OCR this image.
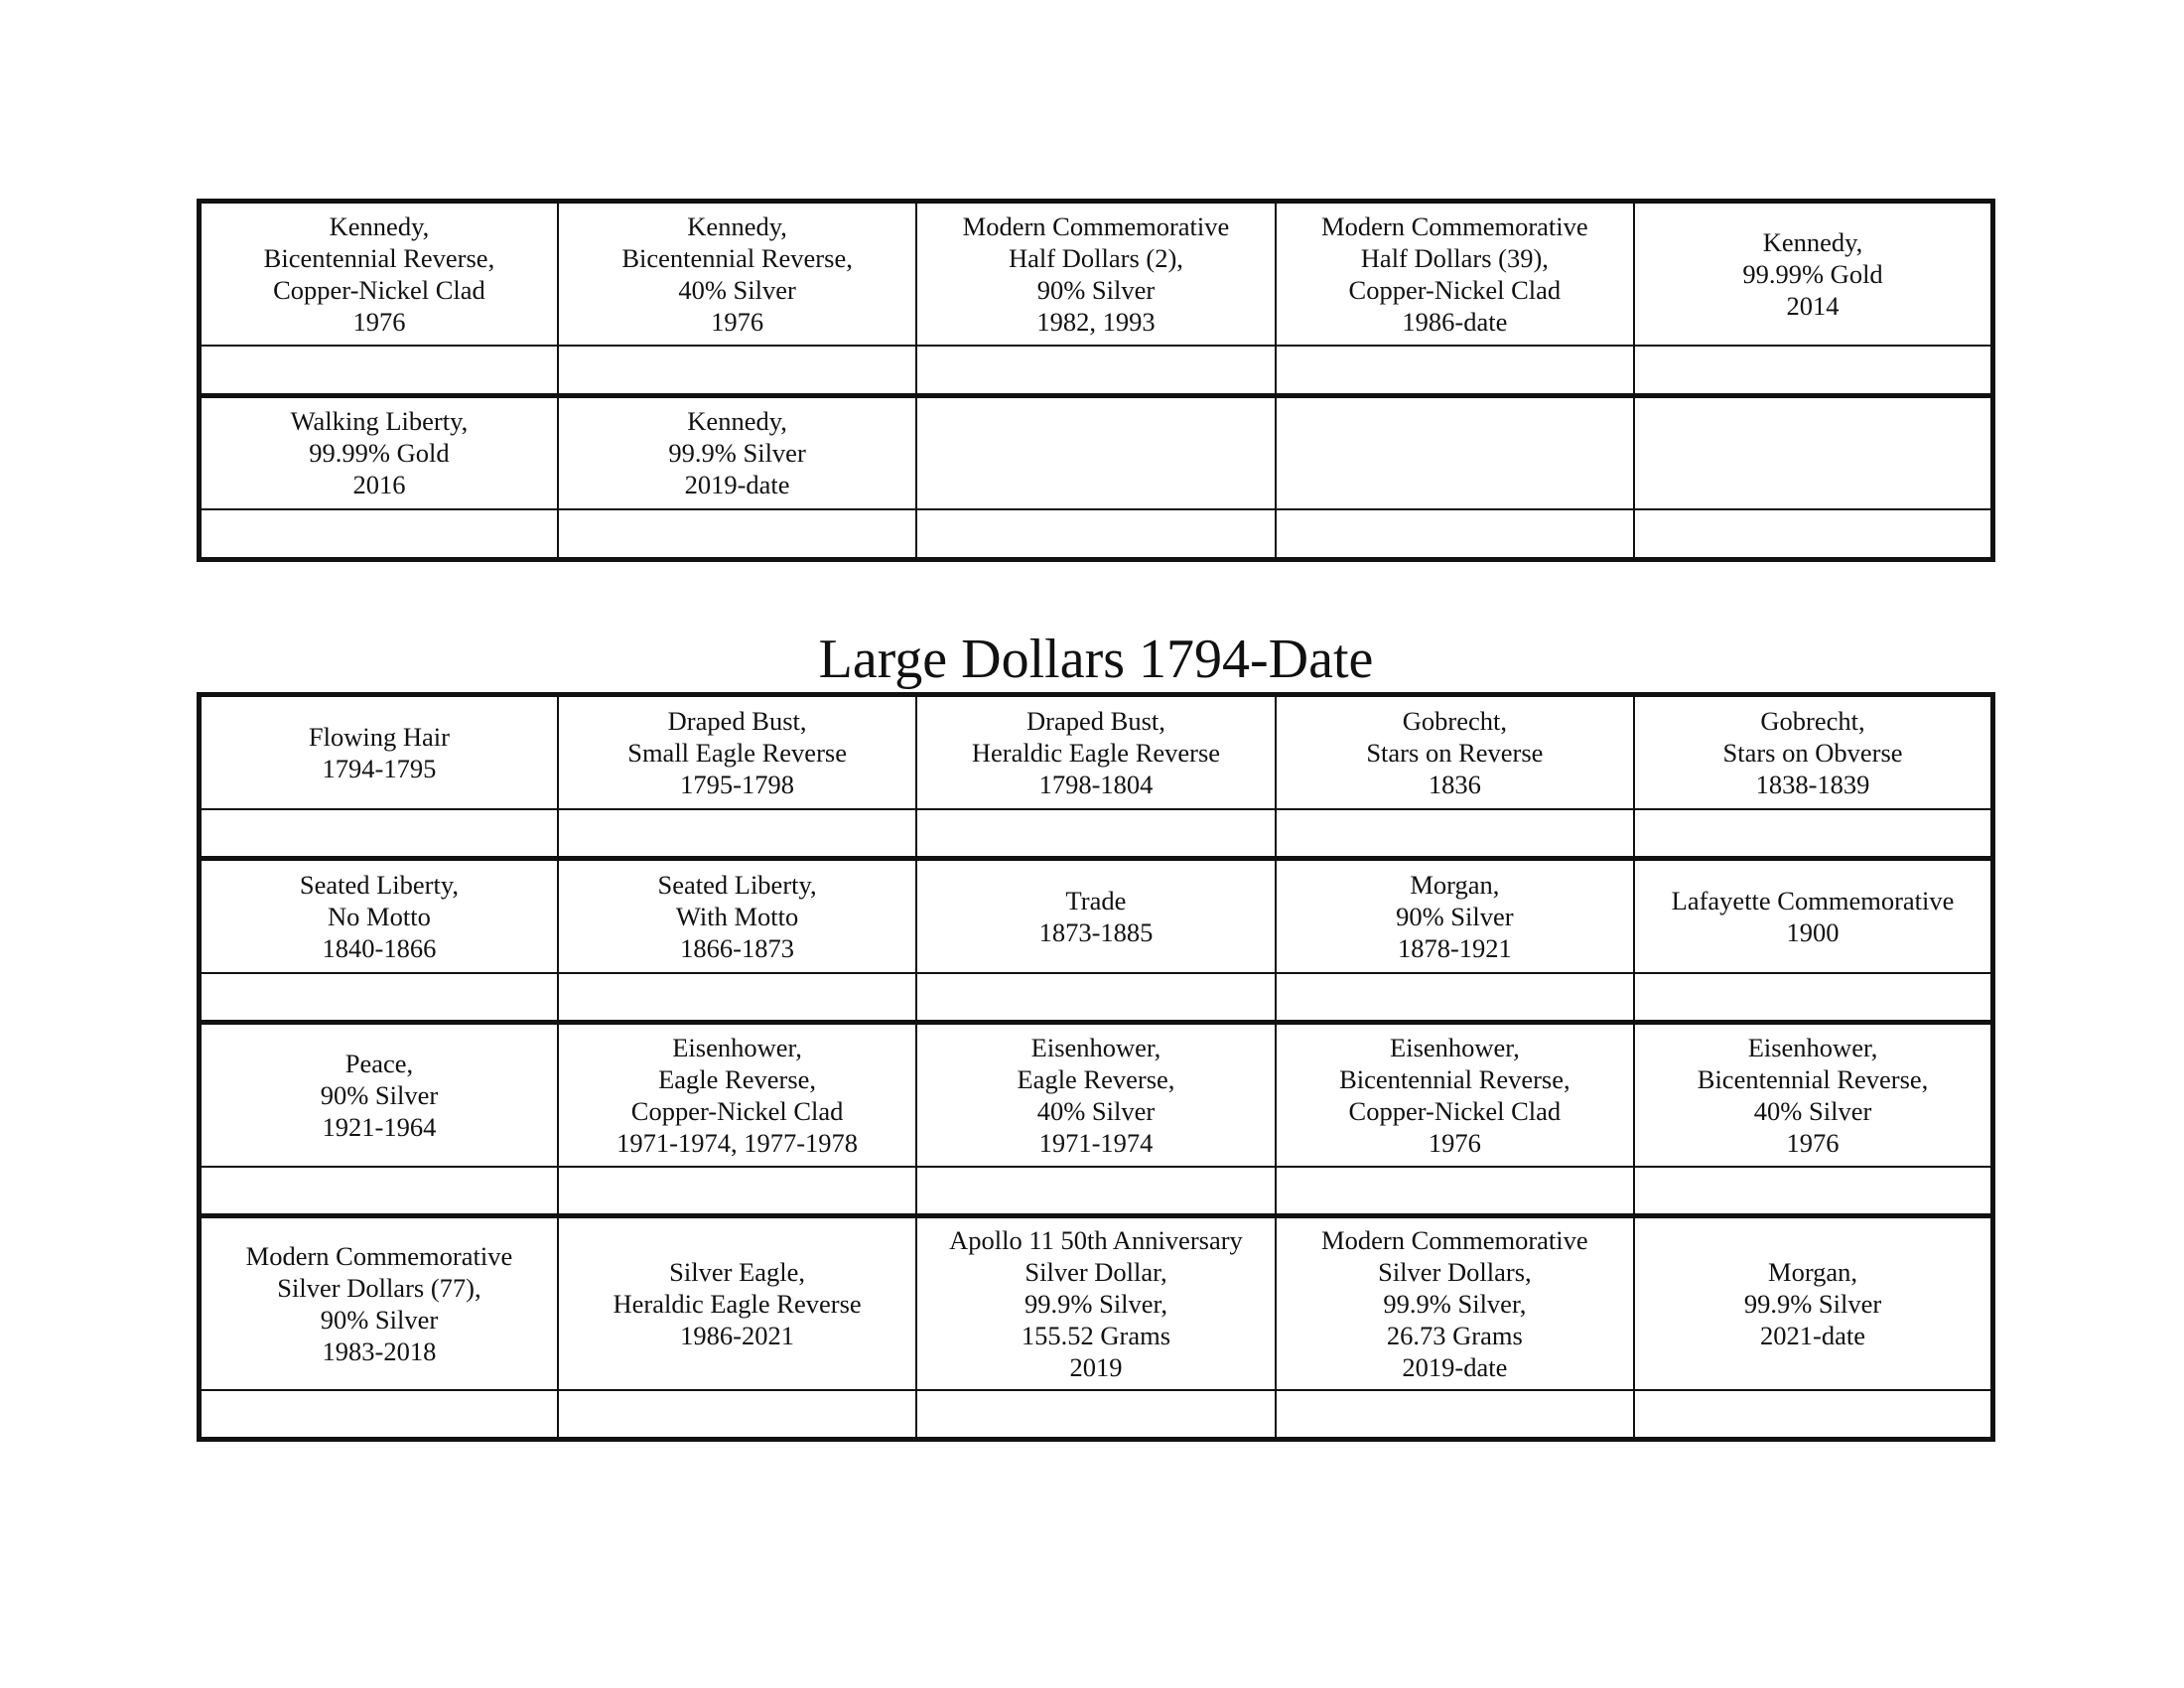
Kennedy,
Bicentennial Reverse,
Copper-Nickel Clad
1976	Kennedy,
Bicentennial Reverse,
40% Silver
1976	Modern Commemorative
Half Dollars (2),
90% Silver
1982, 1993	Modern Commemorative
Half Dollars (39),
Copper-Nickel Clad
1986-date	Kennedy,
99.99% Gold
2014

Walking Liberty,
99.99% Gold
2016	Kennedy,
99.9% Silver
2019-date			

Large Dollars 1794-Date
Flowing Hair
1794-1795	Draped Bust,
Small Eagle Reverse
1795-1798	Draped Bust,
Heraldic Eagle Reverse
1798-1804	Gobrecht,
Stars on Reverse
1836	Gobrecht,
Stars on Obverse
1838-1839

Seated Liberty,
No Motto
1840-1866	Seated Liberty,
With Motto
1866-1873	Trade
1873-1885	Morgan,
90% Silver
1878-1921	Lafayette Commemorative
1900

Peace,
90% Silver
1921-1964	Eisenhower,
Eagle Reverse,
Copper-Nickel Clad
1971-1974, 1977-1978	Eisenhower,
Eagle Reverse,
40% Silver
1971-1974	Eisenhower,
Bicentennial Reverse,
Copper-Nickel Clad
1976	Eisenhower,
Bicentennial Reverse,
40% Silver
1976

Modern Commemorative
Silver Dollars (77),
90% Silver
1983-2018	Silver Eagle,
Heraldic Eagle Reverse
1986-2021	Apollo 11 50th Anniversary
Silver Dollar,
99.9% Silver,
155.52 Grams
2019	Modern Commemorative
Silver Dollars,
99.9% Silver,
26.73 Grams
2019-date	Morgan,
99.9% Silver
2021-date
